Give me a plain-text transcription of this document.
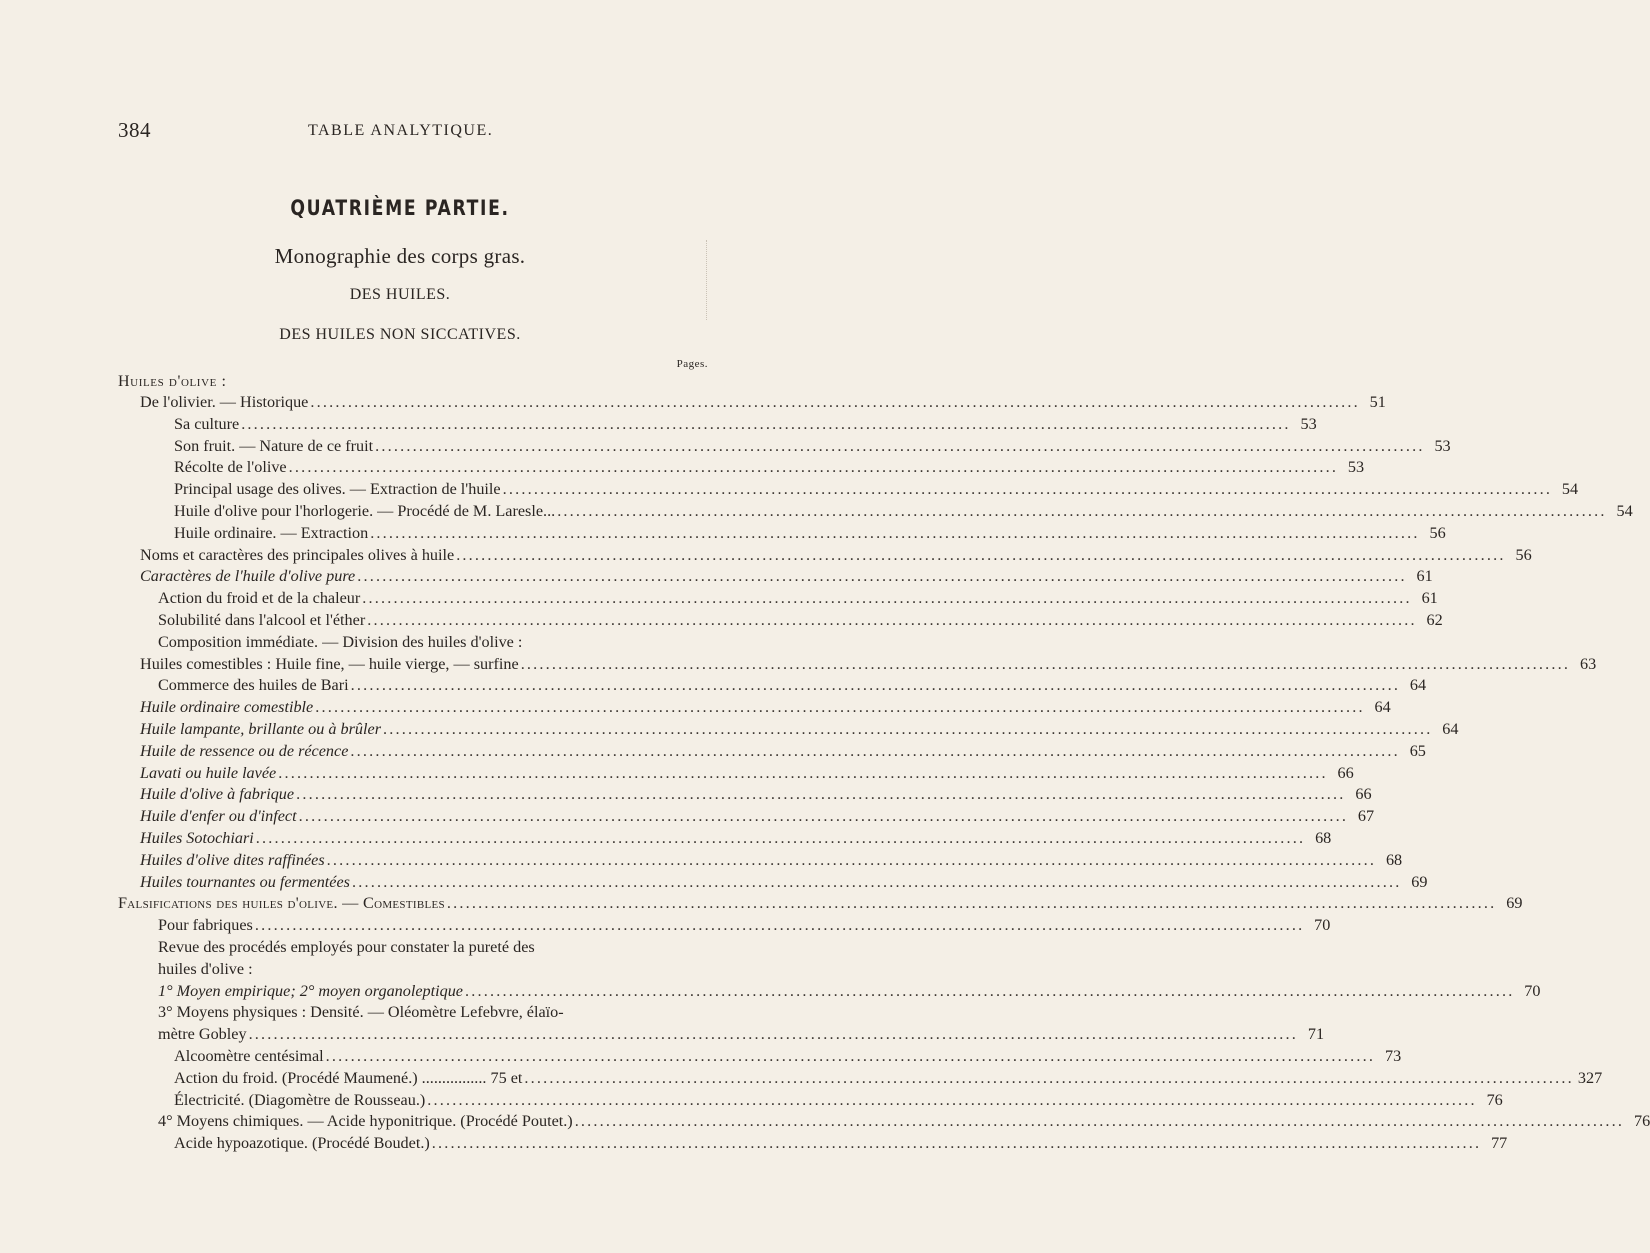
384	TABLE ANALYTIQUE.
QUATRIÈME PARTIE.
Monographie des corps gras.
DES HUILES.
DES HUILES NON SICCATIVES.
Pages.
Huiles d'olive :
De l'olivier. — Historique .....	51
Sa culture .....	53
Son fruit. — Nature de ce fruit .....	53
Récolte de l'olive .....	53
Principal usage des olives. — Extraction de l'huile .....	54
Huile d'olive pour l'horlogerie. — Procédé de M. Laresle... .....	54
Huile ordinaire. — Extraction .....	56
Noms et caractères des principales olives à huile .....	56
Caractères de l'huile d'olive pure .....	61
Action du froid et de la chaleur .....	61
Solubilité dans l'alcool et l'éther .....	62
Composition immédiate. — Division des huiles d'olive :
Huiles comestibles : Huile fine, — huile vierge, — surfine .....	63
Commerce des huiles de Bari .....	64
Huile ordinaire comestible .....	64
Huile lampante, brillante ou à brûler .....	64
Huile de ressence ou de récence .....	65
Lavati ou huile lavée .....	66
Huile d'olive à fabrique .....	66
Huile d'enfer ou d'infect .....	67
Huiles Sotochiari .....	68
Huiles d'olive dites raffinées .....	68
Huiles tournantes ou fermentées .....	69
Falsifications des huiles d'olive. — Comestibles .....	69
Pour fabriques .....	70
Revue des procédés employés pour constater la pureté des
huiles d'olive :
1° Moyen empirique; 2° moyen organoleptique .....	70
3° Moyens physiques : Densité. — Oléomètre Lefebvre, élaïo-
mètre Gobley .....	71
Alcoomètre centésimal .....	73
Action du froid. (Procédé Maumené.) ................ 75 et .....	327
Électricité. (Diagomètre de Rousseau.) .....	76
4° Moyens chimiques. — Acide hyponitrique. (Procédé Poutet.) .....	76
Acide hypoazotique. (Procédé Boudet.) .....	77
